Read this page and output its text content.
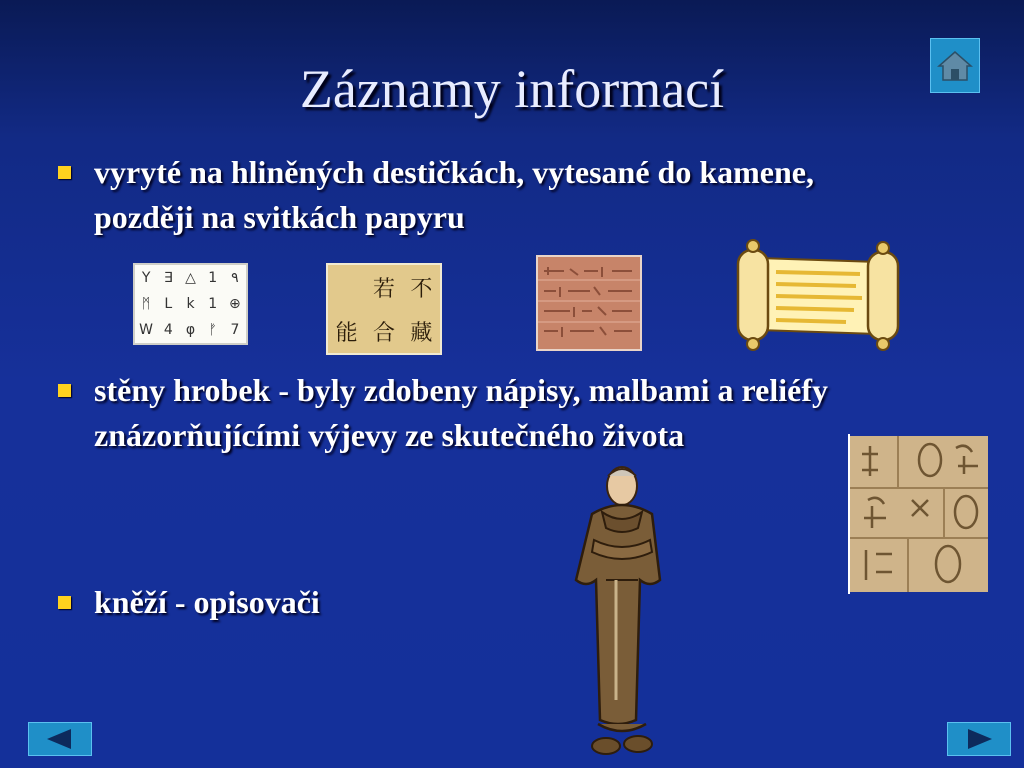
Záznamy informací
vyryté na hliněných destičkách, vytesané do kamene, později na svitkách papyru
Y ∃ △ 1 ٩
ᛗ L k 1 ⊕
W 4 φ ᚠ 7
若 不
能 合 藏
stěny hrobek - byly zdobeny nápisy, malbami a reliéfy znázorňujícími výjevy ze skutečného života
kněží - opisovači
